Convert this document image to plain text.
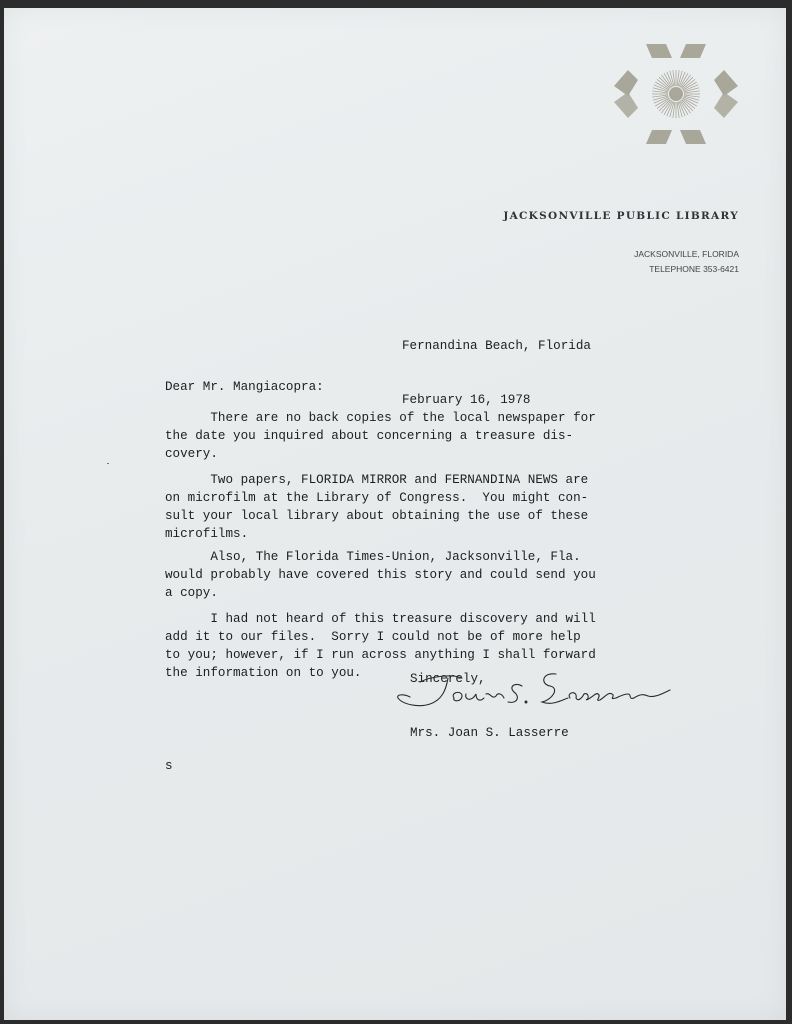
JACKSONVILLE PUBLIC LIBRARY
JACKSONVILLE, FLORIDA
TELEPHONE 353-6421

Fernandina Beach, Florida

February 16, 1978

Dear Mr. Mangiacopra:
There are no back copies of the local newspaper for
the date you inquired about concerning a treasure dis-
covery.
Two papers, FLORIDA MIRROR and FERNANDINA NEWS are
on microfilm at the Library of Congress.  You might con-
sult your local library about obtaining the use of these
microfilms.
Also, The Florida Times-Union, Jacksonville, Fla.
would probably have covered this story and could send you
a copy.
I had not heard of this treasure discovery and will
add it to our files.  Sorry I could not be of more help
to you; however, if I run across anything I shall forward
the information on to you.	Sincerely,
Mrs. Joan S. Lasserre
s
